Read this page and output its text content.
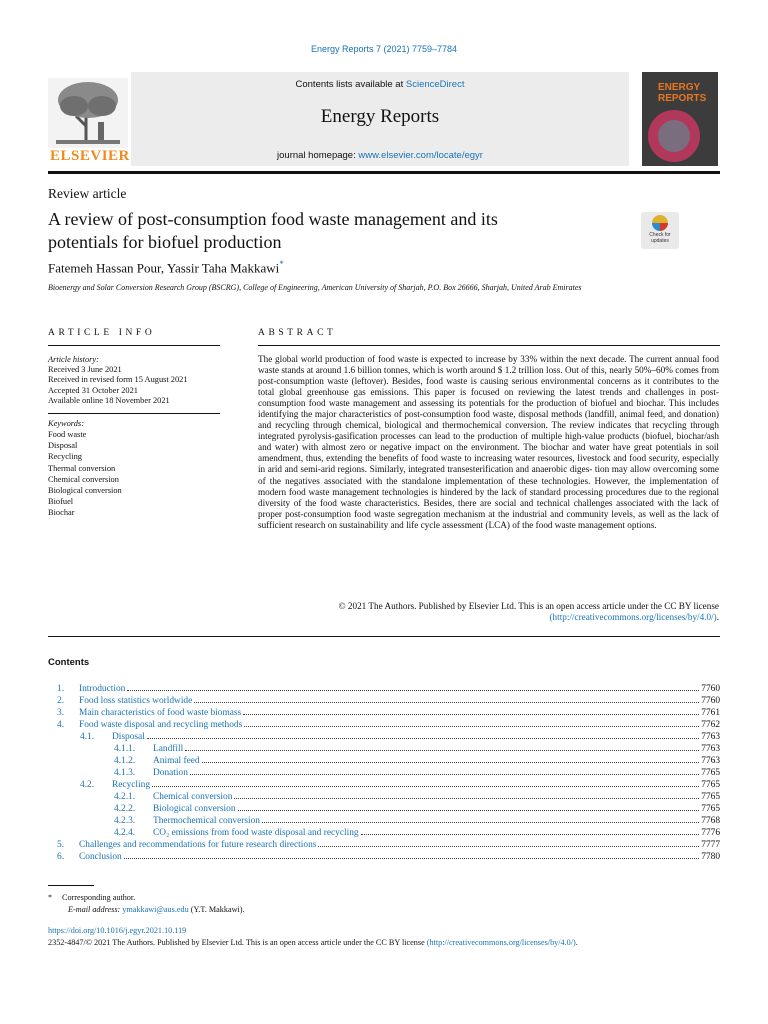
Energy Reports 7 (2021) 7759–7784
ELSEVIER
Contents lists available at ScienceDirect
Energy Reports
journal homepage: www.elsevier.com/locate/egyr
ENERGY
REPORTS
Review article
A review of post-consumption food waste management and its
potentials for biofuel production	Check for
updates
Fatemeh Hassan Pour, Yassir Taha Makkawi*
Bioenergy and Solar Conversion Research Group (BSCRG), College of Engineering, American University of Sharjah, P.O. Box 26666, Sharjah, United Arab Emirates
ARTICLE INFO	ABSTRACT
Article history:
Received 3 June 2021
Received in revised form 15 August 2021
Accepted 31 October 2021
Available online 18 November 2021
Keywords:
Food waste
Disposal
Recycling
Thermal conversion
Chemical conversion
Biological conversion
Biofuel
Biochar
The global world production of food waste is expected to increase by 33% within the next decade. The current annual food waste stands at around 1.6 billion tonnes, which is worth around $ 1.2 trillion loss. Out of this, nearly 50%–60% comes from post-consumption waste (leftover). Besides, food waste is causing serious environmental concerns as it contributes to the total global greenhouse gas emissions. This paper is focused on reviewing the latest trends and challenges in post-consumption food waste management and assessing its potentials for the production of biofuel and biochar. This includes identifying the major characteristics of post-consumption food waste, disposal methods (landfill, animal feed, and donation) and recycling through chemical, biological and thermochemical conversion. The review indicates that recycling through integrated pyrolysis-gasification processes can lead to the production of multiple high-value products (biofuel, biochar/ash and water) with almost zero or negative impact on the environment. The biochar and water have great potentials in soil amendment, thus, extending the benefits of food waste to increasing water resources, livestock and food security, especially in arid and semi-arid regions. Similarly, integrated transesterification and anaerobic diges- tion may allow overcoming some of the negatives associated with the standalone implementation of these technologies. However, the implementation of modern food waste management technologies is hindered by the lack of standard processing procedures due to the regional diversity of the food waste characteristics. Besides, there are social and technical challenges associated with the lack of proper post-consumption food waste segregation mechanism at the industrial and community levels, as well as the lack of sufficient research on sustainability and life cycle assessment (LCA) of the food waste management options.
© 2021 The Authors. Published by Elsevier Ltd. This is an open access article under the CC BY license
(http://creativecommons.org/licenses/by/4.0/).
Contents
1. Introduction	7760
2. Food loss statistics worldwide	7760
3. Main characteristics of food waste biomass	7761
4. Food waste disposal and recycling methods	7762
4.1. Disposal	7763
4.1.1. Landfill	7763
4.1.2. Animal feed	7763
4.1.3. Donation	7765
4.2. Recycling	7765
4.2.1. Chemical conversion	7765
4.2.2. Biological conversion	7765
4.2.3. Thermochemical conversion	7768
4.2.4. CO₂ emissions from food waste disposal and recycling	7776
5. Challenges and recommendations for future research directions	7777
6. Conclusion	7780
* Corresponding author.
E-mail address: ymakkawi@aus.edu (Y.T. Makkawi).
https://doi.org/10.1016/j.egyr.2021.10.119
2352-4847/© 2021 The Authors. Published by Elsevier Ltd. This is an open access article under the CC BY license (http://creativecommons.org/licenses/by/4.0/).
